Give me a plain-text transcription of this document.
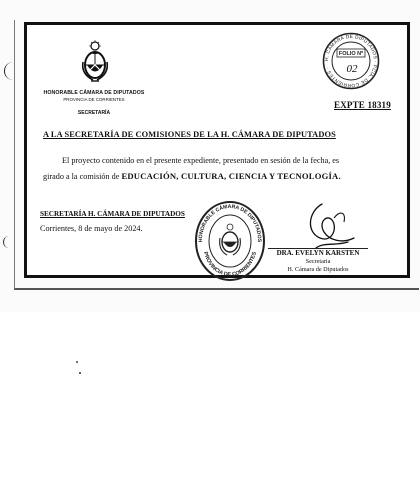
HONORABLE CÁMARA DE DIPUTADOS
PROVINCIA DE CORRIENTES
SECRETARÍA
H. CÁMARA DE DIPUTADOS · PCIA. DE CORRIENTES ·
FOLIO Nº
02
EXPTE 18319
A LA SECRETARÍA DE COMISIONES DE LA H. CÁMARA DE DIPUTADOS
El proyecto contenido en el presente expediente, presentado en sesión de la fecha, es
girado a la comisión de EDUCACIÓN, CULTURA, CIENCIA Y TECNOLOGÍA.
SECRETARÍA H. CÁMARA DE DIPUTADOS
Corrientes, 8 de mayo de 2024.
HONORABLE CÁMARA DE DIPUTADOS
PROVINCIA DE CORRIENTES	DRA. EVELYN KARSTEN
Secretaria
H. Cámara de Diputados
